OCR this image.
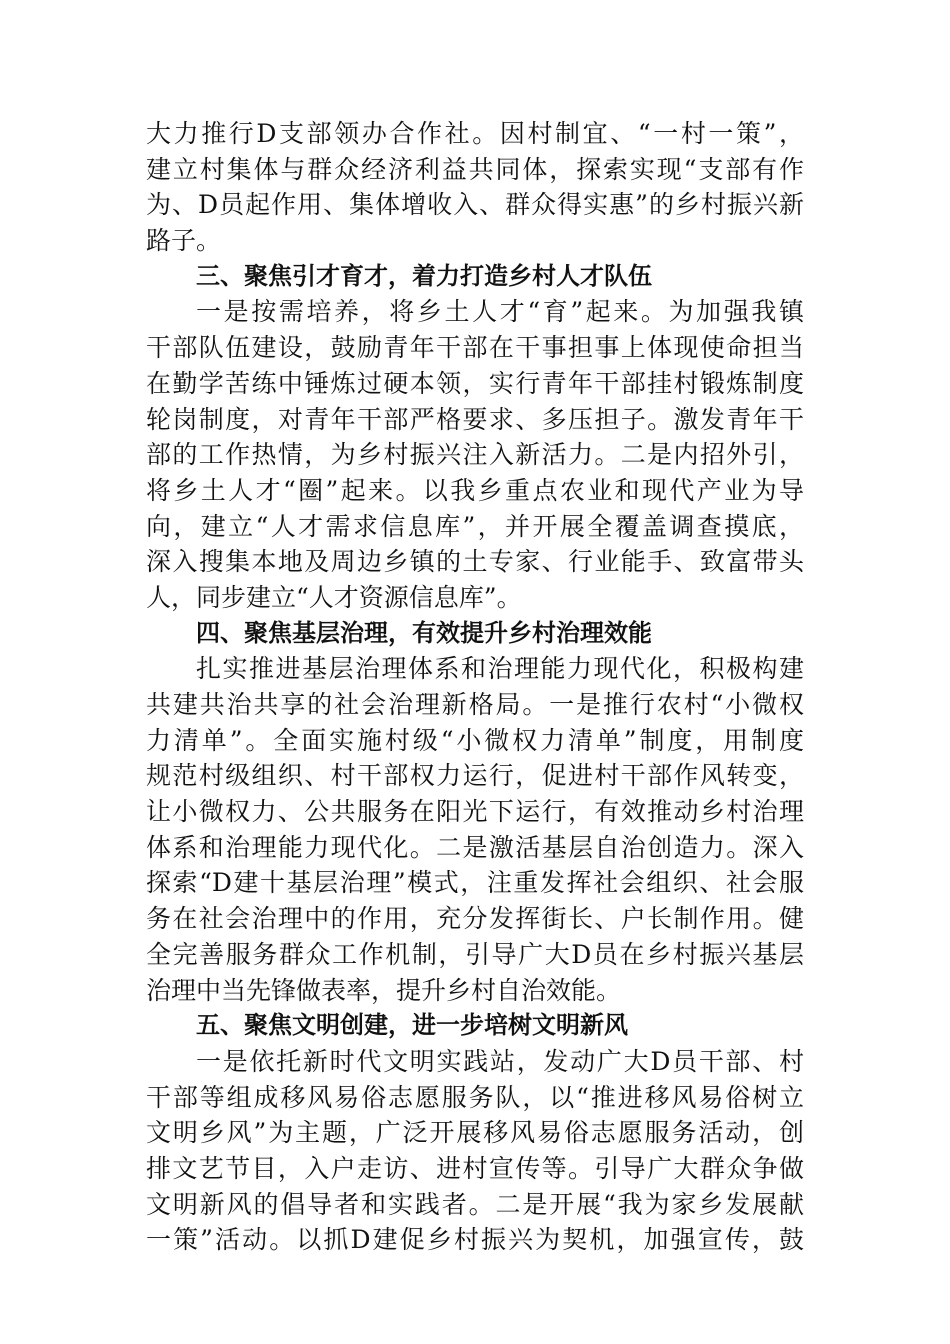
大力推行D支部领办合作社。因村制宜、“一村一策”，
建立村集体与群众经济利益共同体，探索实现“支部有作
为、D员起作用、集体增收入、群众得实惠”的乡村振兴新
路子。
三、聚焦引才育才，着力打造乡村人才队伍
一是按需培养，将乡土人才“育”起来。为加强我镇
干部队伍建设，鼓励青年干部在干事担事上体现使命担当
在勤学苦练中锤炼过硬本领，实行青年干部挂村锻炼制度
轮岗制度，对青年干部严格要求、多压担子。激发青年干
部的工作热情，为乡村振兴注入新活力。二是内招外引，
将乡土人才“圈”起来。以我乡重点农业和现代产业为导
向，建立“人才需求信息库”，并开展全覆盖调查摸底，
深入搜集本地及周边乡镇的土专家、行业能手、致富带头
人，同步建立“人才资源信息库”。
四、聚焦基层治理，有效提升乡村治理效能
扎实推进基层治理体系和治理能力现代化，积极构建
共建共治共享的社会治理新格局。一是推行农村“小微权
力清单”。全面实施村级“小微权力清单”制度，用制度
规范村级组织、村干部权力运行，促进村干部作风转变，
让小微权力、公共服务在阳光下运行，有效推动乡村治理
体系和治理能力现代化。二是激活基层自治创造力。深入
探索“D建十基层治理”模式，注重发挥社会组织、社会服
务在社会治理中的作用，充分发挥街长、户长制作用。健
全完善服务群众工作机制，引导广大D员在乡村振兴基层
治理中当先锋做表率，提升乡村自治效能。
五、聚焦文明创建，进一步培树文明新风
一是依托新时代文明实践站，发动广大D员干部、村
干部等组成移风易俗志愿服务队，以“推进移风易俗树立
文明乡风”为主题，广泛开展移风易俗志愿服务活动，创
排文艺节目，入户走访、进村宣传等。引导广大群众争做
文明新风的倡导者和实践者。二是开展“我为家乡发展献
一策”活动。以抓D建促乡村振兴为契机，加强宣传，鼓
